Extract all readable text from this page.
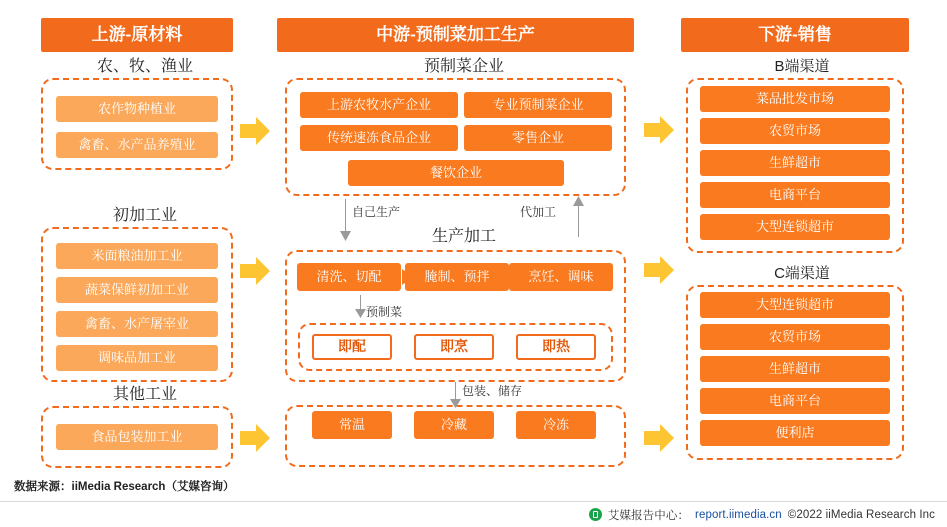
上游-原材料	中游-预制菜加工生产	下游-销售
农、牧、渔业
农作物种植业
禽畜、水产品养殖业
初加工业
米面粮油加工业
蔬菜保鲜初加工业
禽畜、水产屠宰业
调味品加工业
其他工业
食品包装加工业
预制菜企业
上游农牧水产企业	专业预制菜企业
传统速冻食品企业	零售企业
餐饮企业
自己生产	代加工
生产加工
清洗、切配	腌制、预拌	烹饪、调味
预制菜
即配	即烹	即热
包装、储存
常温	冷藏	冷冻
B端渠道
菜品批发市场
农贸市场
生鲜超市
电商平台
大型连锁超市
C端渠道
大型连锁超市
农贸市场
生鲜超市
电商平台
便利店
数据来源：iiMedia Research（艾媒咨询）
艾媒报告中心： report.iimedia.cn ©2022 iiMedia Research Inc
